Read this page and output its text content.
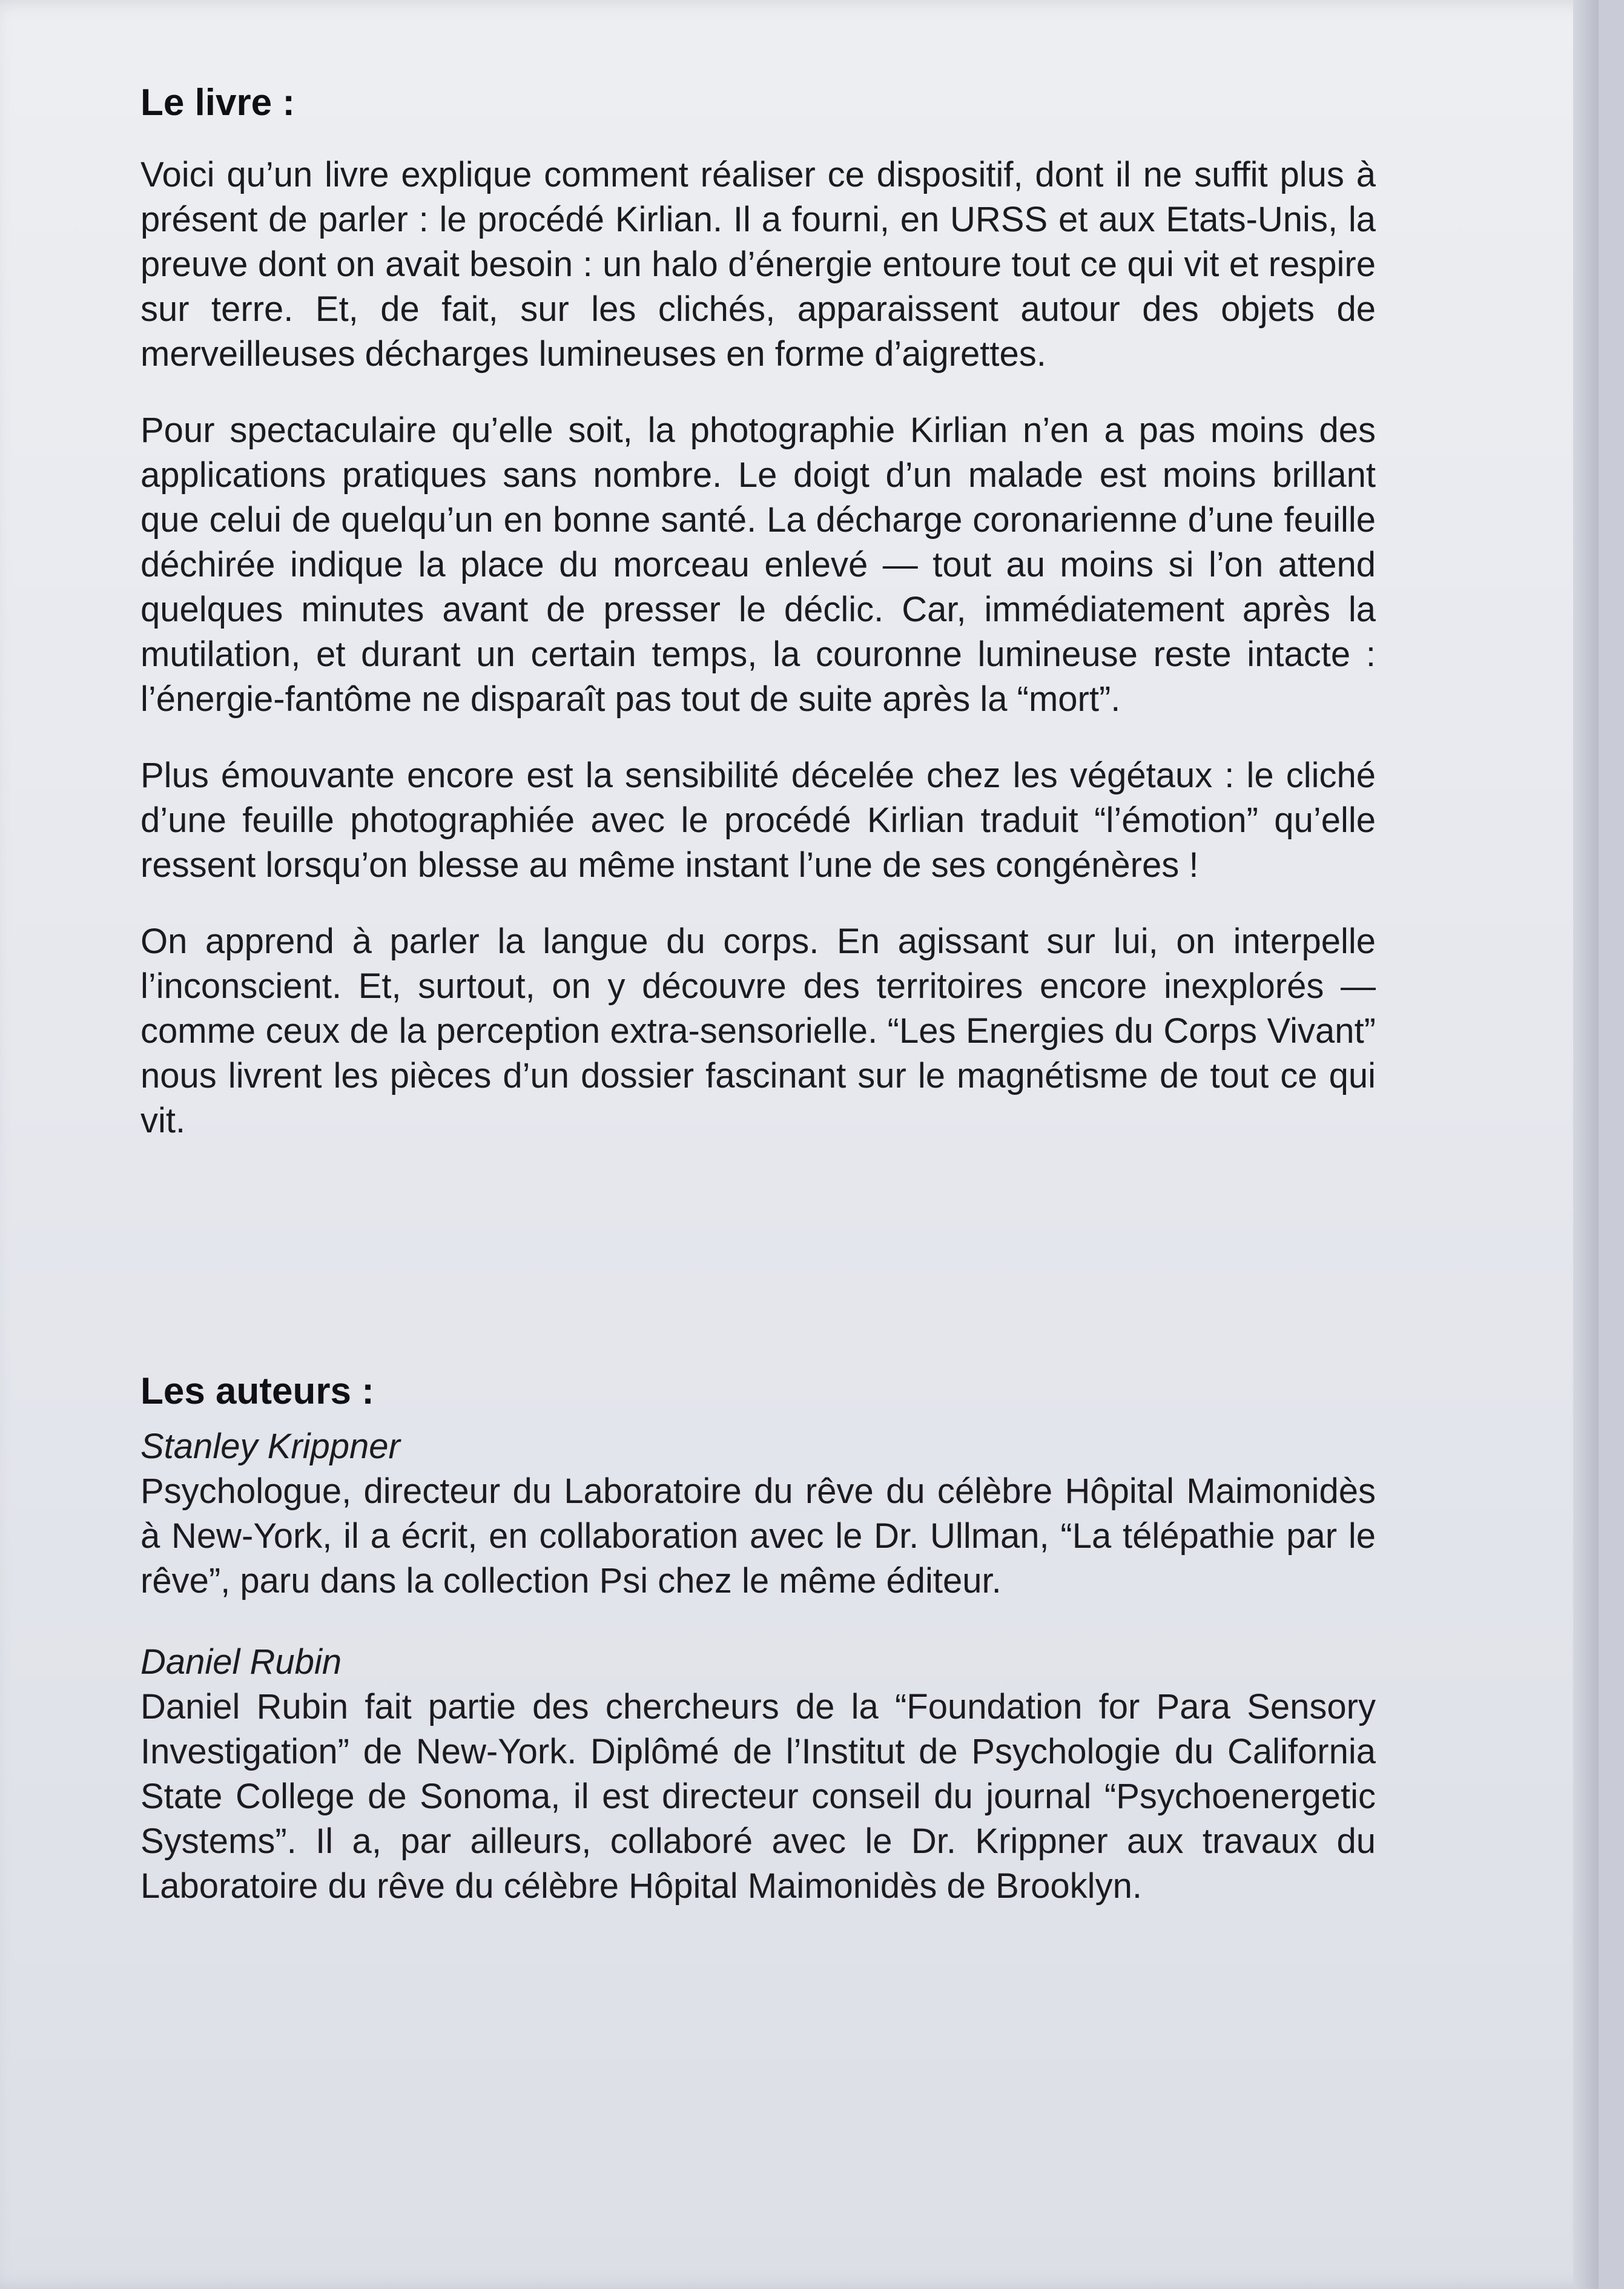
Le livre :

Voici qu’un livre explique comment réaliser ce dispositif, dont il ne suffit plus à présent de parler : le procédé Kirlian. Il a fourni, en URSS et aux Etats-Unis, la preuve dont on avait besoin : un halo d’énergie entoure tout ce qui vit et respire sur terre. Et, de fait, sur les clichés, apparaissent autour des objets de merveilleuses décharges lumineuses en forme d’aigrettes.

Pour spectaculaire qu’elle soit, la photographie Kirlian n’en a pas moins des applications pratiques sans nombre. Le doigt d’un malade est moins brillant que celui de quelqu’un en bonne santé. La décharge coronarienne d’une feuille déchirée indique la place du morceau enlevé — tout au moins si l’on attend quelques minutes avant de presser le déclic. Car, immédiatement après la mutilation, et durant un certain temps, la couronne lumineuse reste intacte : l’énergie-fantôme ne disparaît pas tout de suite après la “mort”.

Plus émouvante encore est la sensibilité décelée chez les végétaux : le cliché d’une feuille photographiée avec le procédé Kirlian traduit “l’émotion” qu’elle ressent lorsqu’on blesse au même instant l’une de ses congénères !

On apprend à parler la langue du corps. En agissant sur lui, on interpelle l’inconscient. Et, surtout, on y découvre des territoires encore inexplorés — comme ceux de la perception extra-sensorielle. “Les Energies du Corps Vivant” nous livrent les pièces d’un dossier fascinant sur le magnétisme de tout ce qui vit.

Les auteurs :

Stanley Krippner

Psychologue, directeur du Laboratoire du rêve du célèbre Hôpital Maimonidès à New-York, il a écrit, en collaboration avec le Dr. Ullman, “La télépathie par le rêve”, paru dans la collection Psi chez le même éditeur.

Daniel Rubin

Daniel Rubin fait partie des chercheurs de la “Foundation for Para Sensory Investigation” de New-York. Diplômé de l’Institut de Psychologie du California State College de Sonoma, il est directeur conseil du journal “Psychoenergetic Systems”. Il a, par ailleurs, collaboré avec le Dr. Krippner aux travaux du Laboratoire du rêve du célèbre Hôpital Maimonidès de Brooklyn.
